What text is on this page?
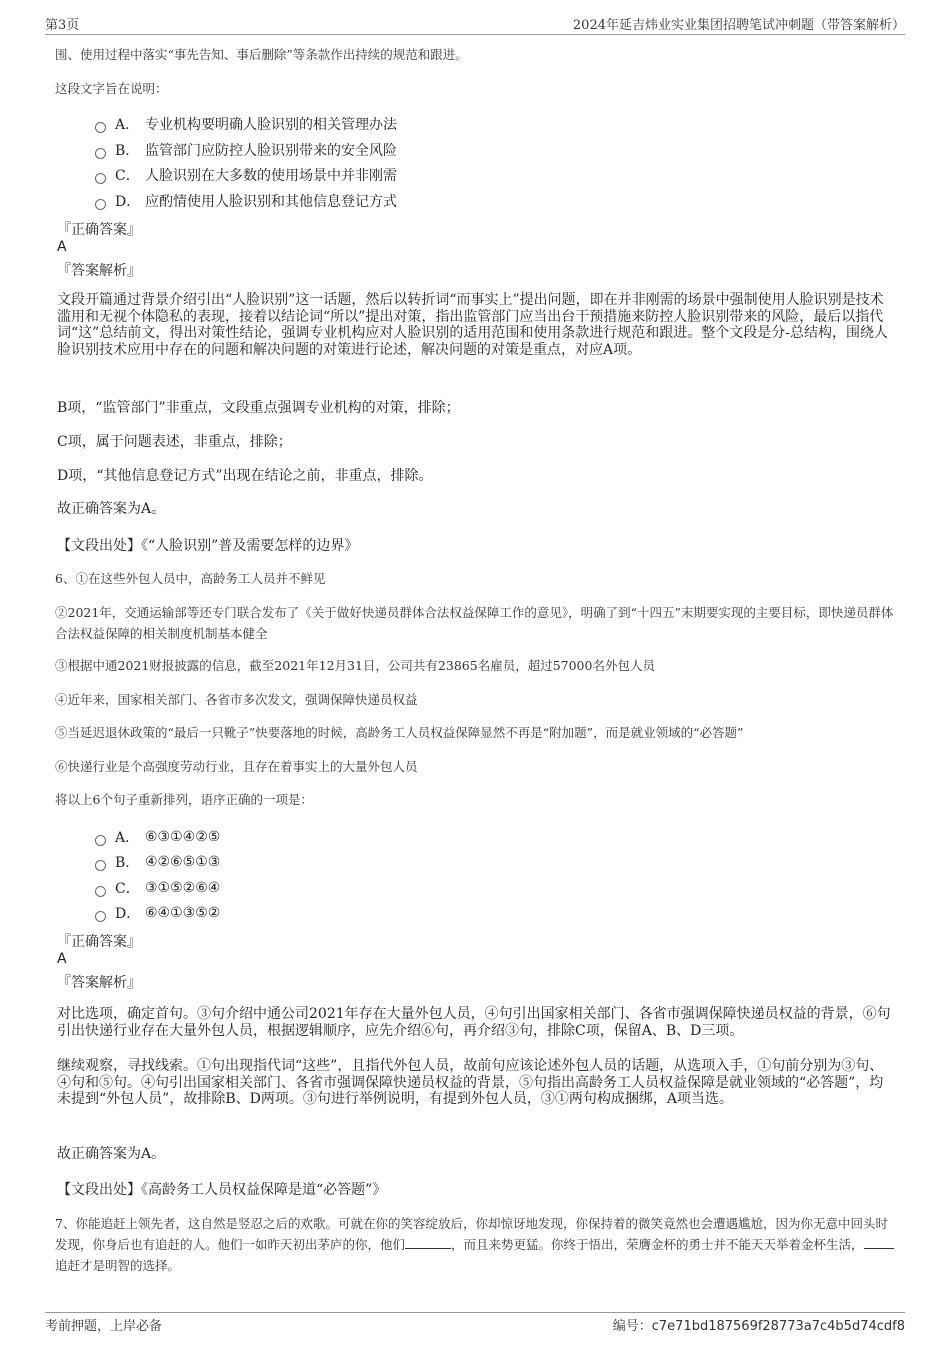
第3页	2024年延吉炜业实业集团招聘笔试冲刺题（带答案解析）
围、使用过程中落实“事先告知、事后删除”等条款作出持续的规范和跟进。
这段文字旨在说明：
A． 专业机构要明确人脸识别的相关管理办法
B． 监管部门应防控人脸识别带来的安全风险
C． 人脸识别在大多数的使用场景中并非刚需
D． 应酌情使用人脸识别和其他信息登记方式
『正确答案』
A
『答案解析』
文段开篇通过背景介绍引出“人脸识别”这一话题，然后以转折词“而事实上”提出问题，即在并非刚需的场景中强制使用人脸识别是技术滥用和无视个体隐私的表现，接着以结论词“所以”提出对策，指出监管部门应当出台干预措施来防控人脸识别带来的风险，最后以指代词“这”总结前文，得出对策性结论，强调专业机构应对人脸识别的适用范围和使用条款进行规范和跟进。整个文段是分-总结构，围绕人脸识别技术应用中存在的问题和解决问题的对策进行论述，解决问题的对策是重点，对应A项。
B项，“监管部门”非重点，文段重点强调专业机构的对策，排除；
C项，属于问题表述，非重点，排除；
D项，“其他信息登记方式”出现在结论之前，非重点，排除。
故正确答案为A。
【文段出处】《“人脸识别”普及需要怎样的边界》
6、①在这些外包人员中，高龄务工人员并不鲜见
②2021年，交通运输部等还专门联合发布了《关于做好快递员群体合法权益保障工作的意见》，明确了到“十四五”末期要实现的主要目标，即快递员群体合法权益保障的相关制度机制基本健全
③根据中通2021财报披露的信息，截至2021年12月31日，公司共有23865名雇员，超过57000名外包人员
④近年来，国家相关部门、各省市多次发文，强调保障快递员权益
⑤当延迟退休政策的“最后一只靴子”快要落地的时候，高龄务工人员权益保障显然不再是“附加题”，而是就业领域的“必答题”
⑥快递行业是个高强度劳动行业，且存在着事实上的大量外包人员
将以上6个句子重新排列，语序正确的一项是：
A． ⑥③①④②⑤
B． ④②⑥⑤①③
C． ③①⑤②⑥④
D． ⑥④①③⑤②
『正确答案』
A
『答案解析』
对比选项，确定首句。③句介绍中通公司2021年存在大量外包人员，④句引出国家相关部门、各省市强调保障快递员权益的背景，⑥句引出快递行业存在大量外包人员，根据逻辑顺序，应先介绍⑥句，再介绍③句，排除C项，保留A、B、D三项。
继续观察，寻找线索。①句出现指代词“这些”，且指代外包人员，故前句应该论述外包人员的话题，从选项入手，①句前分别为③句、④句和⑤句。④句引出国家相关部门、各省市强调保障快递员权益的背景，⑤句指出高龄务工人员权益保障是就业领域的“必答题”，均未提到“外包人员”，故排除B、D两项。③句进行举例说明，有提到外包人员，③①两句构成捆绑，A项当选。
故正确答案为A。
【文段出处】《高龄务工人员权益保障是道“必答题”》
7、你能追赶上领先者，这自然是竖忍之后的欢歌。可就在你的笑容绽放后，你却惊讶地发现，你保持着的微笑竟然也会遭遇尴尬，因为你无意中回头时发现，你身后也有追赶的人。他们一如昨天初出茅庐的你，他们	，而且来势更猛。你终于悟出，荣膺金杯的勇士并不能天天举着金杯生活，追赶才是明智的选择。
考前押题，上岸必备	编号：c7e71bd187569f28773a7c4b5d74cdf8
